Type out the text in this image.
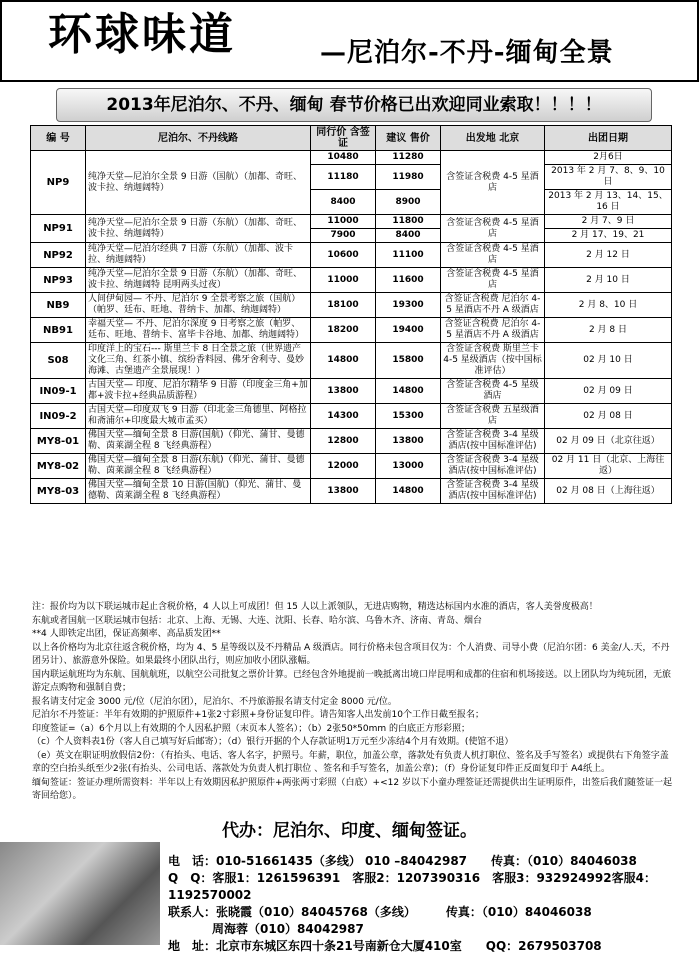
环球味道	—尼泊尔-不丹-缅甸全景
2013年尼泊尔、不丹、缅甸 春节价格已出欢迎同业索取！！！！
编 号	尼泊尔、不丹线路	同行价 含签证	建议 售价	出发地 北京	出团日期
NP9	纯净天堂—尼泊尔全景 9 日游（国航）（加都、奇旺、波卡拉、纳迦阔特）	10480	11280	含签证含税费 4-5 星酒店	2月6日
		11180	11980		2013 年 2 月 7、8、9、10 日
		8400	8900		2013 年 2 月 13、14、15、16 日
NP91	纯净天堂—尼泊尔全景 9 日游（东航）（加都、奇旺、波卡拉、纳迦阔特）	11000	11800	含签证含税费 4-5 星酒店	2 月 7、9 日
		7900	8400		2 月 17、19、21
NP92	纯净天堂—尼泊尔经典 7 日游（东航）（加都、波卡拉、纳迦阔特）	10600	11100	含签证含税费 4-5 星酒店	2 月 12 日
NP93	纯净天堂—尼泊尔全景 9 日游（东航）（加都、奇旺、波卡拉、纳迦阔特 昆明两头过夜）	11000	11600	含签证含税费 4-5 星酒店	2 月 10 日
NB9	人间伊甸园— 不丹、尼泊尔 9 全景考察之旅（国航）（帕罗、廷布、旺地、普纳卡、加都、纳迦阔特）	18100	19300	含签证含税费 尼泊尔 4-5 星酒店不丹 A 级酒店	2 月 8、10 日
NB91	幸福天堂— 不丹、尼泊尔深度 9 日考察之旅（帕罗、廷布、旺地、普纳卡、富毕卡谷地、加都、纳迦阔特）	18200	19400	含签证含税费 尼泊尔 4-5 星酒店不丹 A 级酒店	2 月 8 日
S08	印度洋上的宝石--- 斯里兰卡 8 日全景之旅（世界遗产文化三角、红茶小镇、缤纷香料园、佛牙舍利寺、曼妙海滩、古堡遗产全景展现！）	14800	15800	含签证含税费 斯里兰卡 4-5 星级酒店（按中国标准评估）	02 月 10 日
IN09-1	古国天堂— 印度、尼泊尔精华 9 日游（印度金三角+加都+波卡拉+经典品质游程）	13800	14800	含签证含税费 4-5 星级酒店	02 月 09 日
IN09-2	古国天堂—印度双飞 9 日游（印北金三角德里、阿格拉和斋浦尔+印度最大城市孟买）	14300	15300	含签证含税费 五星级酒店	02 月 08 日
MY8-01	佛国天堂—缅甸全景 8 日游(国航)（仰光、蒲甘、曼德勒、茵莱湖全程 8 飞经典游程）	12800	13800	含签证含税费 3-4 星级酒店(按中国标准评估)	02 月 09 日（北京往返）
MY8-02	佛国天堂—缅甸全景 8 日游(东航)（仰光、蒲甘、曼德勒、茵莱湖全程 8 飞经典游程）	12000	13000	含签证含税费 3-4 星级酒店(按中国标准评估)	02 月 11 日（北京、上海往返）
MY8-03	佛国天堂—缅甸全景 10 日游(国航)（仰光、蒲甘、曼德勒、茵莱湖全程 8 飞经典游程）	13800	14800	含签证含税费 3-4 星级酒店(按中国标准评估)	02 月 08 日（上海往返）

注：报价均为以下联运城市起止含税价格，4 人以上可成团！但 15 人以上派领队，无进店购物，精选达标国内水准的酒店，客人美誉度极高！

东航或者国航一区联运城市包括：北京、上海、无锡、大连、沈阳、长春、哈尔滨、乌鲁木齐、济南、青岛、烟台

**4 人即铁定出团，保证高频率、高品质发团**

以上各价格均为北京往返含税价格，均为 4、5 星等级以及不丹精品 A 级酒店。同行价格未包含项目仅为：个人消费、司导小费（尼泊尔团：6 美金/人.天，不丹团另计）、旅游意外保险。如果最终小团队出行，则应加收小团队涨幅。

国内联运航班均为东航、国航航班，以航空公司批复之票价计算。已经包含外地提前一晚抵离出境口岸昆明和成都的住宿和机场接送。以上团队均为纯玩团，无旅游定点购物和强制自费；

报名请支付定金 3000 元/位（尼泊尔团），尼泊尔、不丹旅游报名请支付定金 8000 元/位。

尼泊尔不丹签证：半年有效期的护照原件+1张2寸彩照+身份证复印件。请告知客人出发前10个工作日截至报名；

印度签证=（a）6个月以上有效期的个人因私护照（末页本人签名）；（b）2张50*50mm 的白底正方形彩照；

（c）个人资料表1份（客人自己填写好后邮寄）；（d）银行开据的个人存款证明1万元至少冻结4个月有效期。(使馆不退）

（e）英文在职证明放假信2份：（有抬头、电话、客人名字，护照号。年薪，职位，加盖公章，落款处有负责人机打职位、签名及手写签名）或提供右下角签字盖章的空白抬头纸至少2张(有抬头、公司电话、落款处为负责人机打职位 、签名和手写签名，加盖公章)；（f）身份证复印件正反面复印于 A4纸上。

缅甸签证：签证办理所需资料：半年以上有效期因私护照原件+两张两寸彩照（白底）+<12 岁以下小童办理签证还需提供出生证明原件，出签后我们随签证一起寄回给您）。

代办：尼泊尔、印度、缅甸签证。
电　话：010-51661435（多线） 010 –84042987　　传真：（010）84046038
Q　Q：客服1：1261596391　客服2：1207390316　客服3：932924992客服4：1192570002
联系人：张晓霞（010）84045768（多线）　　　传真：（010）84046038
周海蓉（010）84042987
地　址：北京市东城区东四十条21号南新仓大厦410室　　QQ：2679503708
